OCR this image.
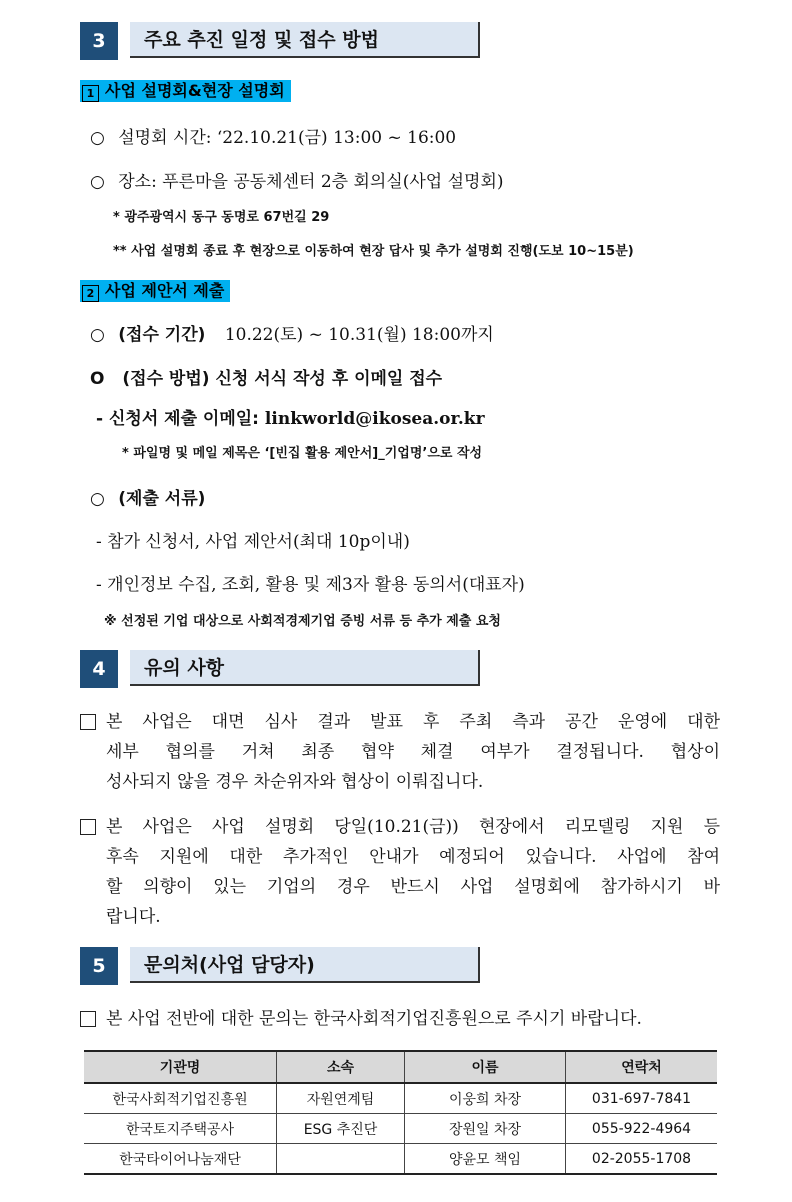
3	주요 추진 일정 및 접수 방법
1 사업 설명회&현장 설명회
○ 설명회 시간: ‘22.10.21(금) 13:00 ~ 16:00
○ 장소: 푸른마을 공동체센터 2층 회의실(사업 설명회)
* 광주광역시 동구 동명로 67번길 29
** 사업 설명회 종료 후 현장으로 이동하여 현장 답사 및 추가 설명회 진행(도보 10~15분)
2 사업 제안서 제출
○ (접수 기간) 10.22(토) ~ 10.31(월) 18:00까지
O (접수 방법) 신청 서식 작성 후 이메일 접수
- 신청서 제출 이메일: linkworld@ikosea.or.kr
* 파일명 및 메일 제목은 ‘[빈집 활용 제안서]_기업명’으로 작성
○ (제출 서류)
- 참가 신청서, 사업 제안서(최대 10p이내)
- 개인정보 수집, 조회, 활용 및 제3자 활용 동의서(대표자)
※ 선정된 기업 대상으로 사회적경제기업 증빙 서류 등 추가 제출 요청
4	유의 사항
본 사업은 대면 심사 결과 발표 후 주최 측과 공간 운영에 대한
세부 협의를 거쳐 최종 협약 체결 여부가 결정됩니다. 협상이
성사되지 않을 경우 차순위자와 협상이 이뤄집니다.
본 사업은 사업 설명회 당일(10.21(금)) 현장에서 리모델링 지원 등
후속 지원에 대한 추가적인 안내가 예정되어 있습니다. 사업에 참여
할 의향이 있는 기업의 경우 반드시 사업 설명회에 참가하시기 바
랍니다.
5	문의처(사업 담당자)
본 사업 전반에 대한 문의는 한국사회적기업진흥원으로 주시기 바랍니다.
기관명	소속	이름	연락처
한국사회적기업진흥원	자원연계팀	이웅희 차장	031-697-7841
한국토지주택공사	ESG 추진단	장원일 차장	055-922-4964
한국타이어나눔재단		양윤모 책임	02-2055-1708
